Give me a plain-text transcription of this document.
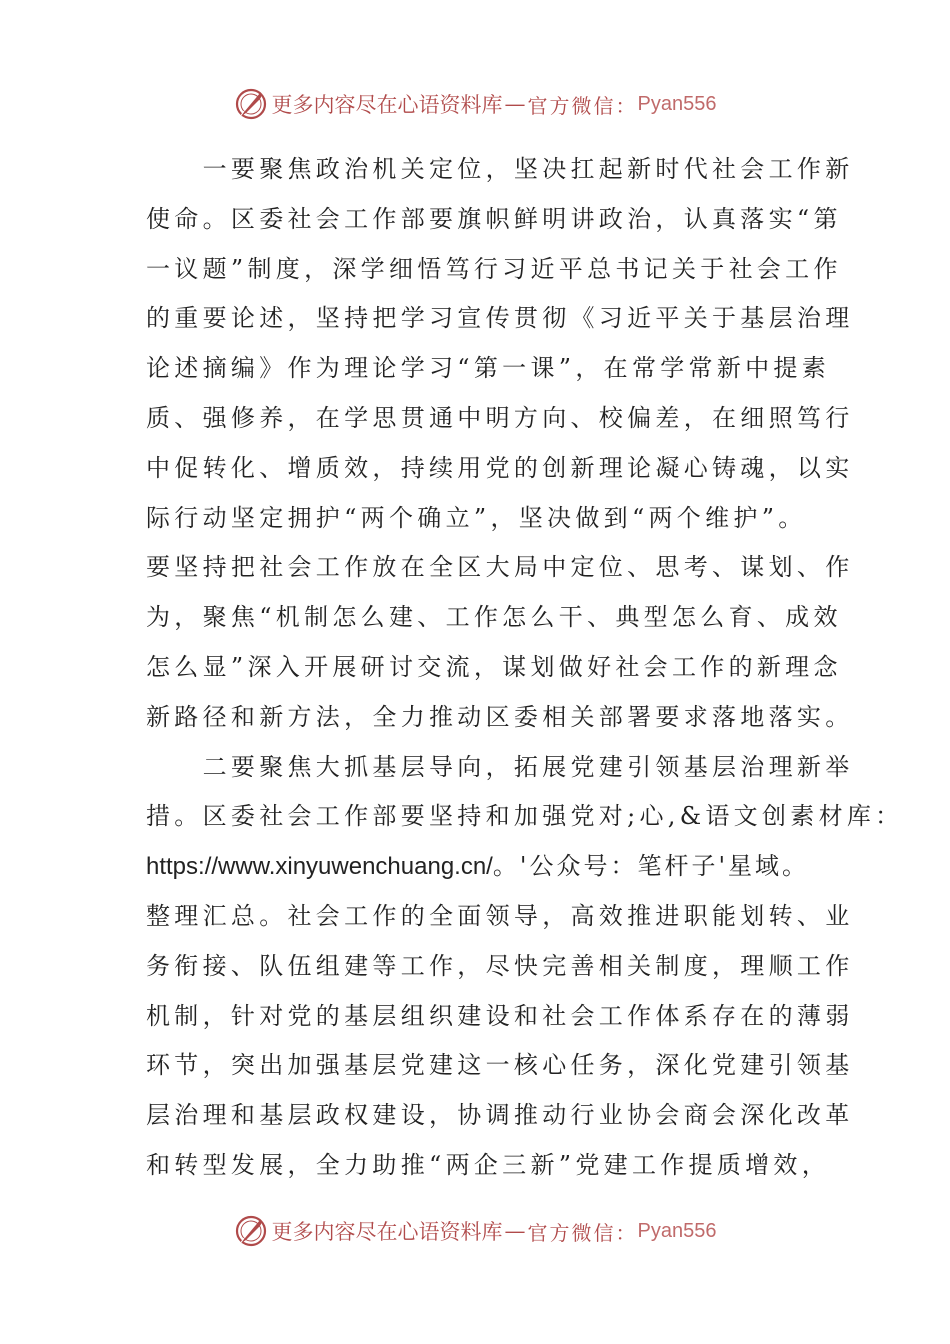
更多内容尽在心语资料库 — 官方微信： Pyan556
　　一要聚焦政治机关定位，坚决扛起新时代社会工作新
使命。区委社会工作部要旗帜鲜明讲政治，认真落实“第
一议题”制度，深学细悟笃行习近平总书记关于社会工作
的重要论述，坚持把学习宣传贯彻《习近平关于基层治理
论述摘编》作为理论学习“第一课”，在常学常新中提素
质、强修养，在学思贯通中明方向、校偏差，在细照笃行
中促转化、增质效，持续用党的创新理论凝心铸魂，以实
际行动坚定拥护“两个确立”，坚决做到“两个维护”。
要坚持把社会工作放在全区大局中定位、思考、谋划、作
为，聚焦“机制怎么建、工作怎么干、典型怎么育、成效
怎么显”深入开展研讨交流，谋划做好社会工作的新理念
新路径和新方法，全力推动区委相关部署要求落地落实。
　　二要聚焦大抓基层导向，拓展党建引领基层治理新举
措。区委社会工作部要坚持和加强党对;心,&语文创素材库：
https://www.xinyuwenchuang.cn/。'公众号：笔杆子'星域。
整理汇总。社会工作的全面领导，高效推进职能划转、业
务衔接、队伍组建等工作，尽快完善相关制度，理顺工作
机制，针对党的基层组织建设和社会工作体系存在的薄弱
环节，突出加强基层党建这一核心任务，深化党建引领基
层治理和基层政权建设，协调推动行业协会商会深化改革
和转型发展，全力助推“两企三新”党建工作提质增效，
更多内容尽在心语资料库 — 官方微信： Pyan556
